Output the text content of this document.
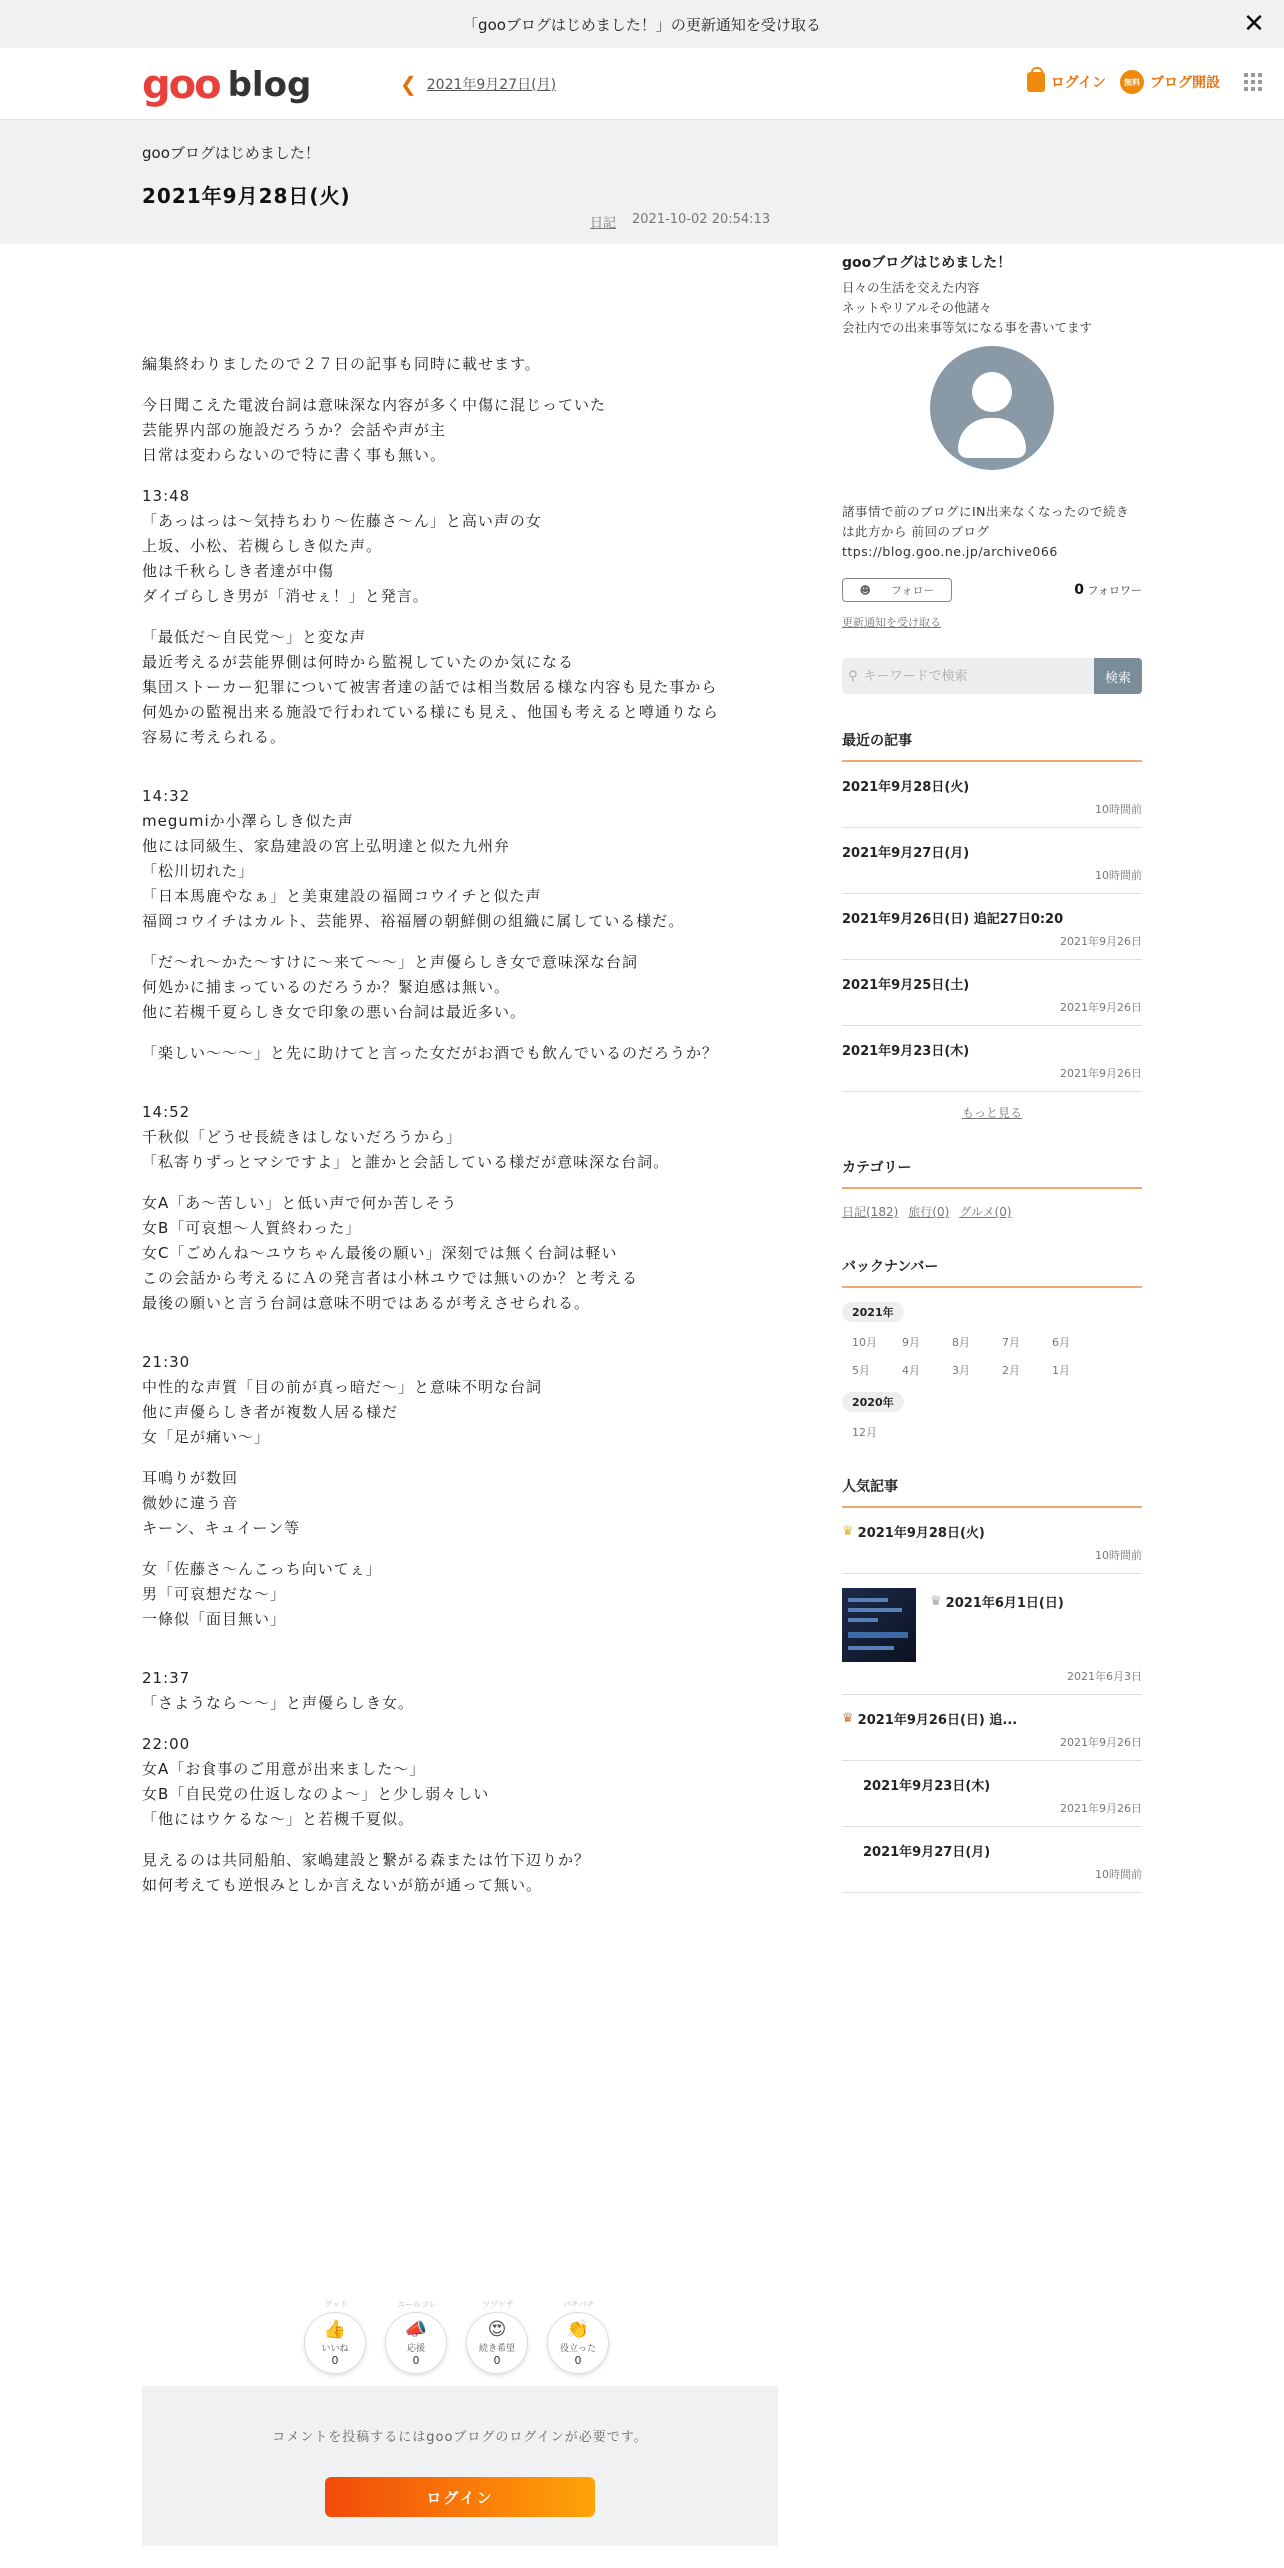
「gooブログはじめました！」の更新通知を受け取る	✕
goo blog	❮ 2021年9月27日(月)	ログイン	無料 ブログ開設
gooブログはじめました！
2021年9月28日(火)
日記 2021-10-02 20:54:13

編集終わりましたので２７日の記事も同時に載せます。

今日聞こえた電波台詞は意味深な内容が多く中傷に混じっていた
芸能界内部の施設だろうか？会話や声が主
日常は変わらないので特に書く事も無い。

13:48
「あっはっは～気持ちわり～佐藤さ～ん」と高い声の女
上坂、小松、若槻らしき似た声。
他は千秋らしき者達が中傷
ダイゴらしき男が「消せぇ！」と発言。

「最低だ～自民党～」と変な声
最近考えるが芸能界側は何時から監視していたのか気になる
集団ストーカー犯罪について被害者達の話では相当数居る様な内容も見た事から
何処かの監視出来る施設で行われている様にも見え、他国も考えると噂通りなら
容易に考えられる。

14:32
megumiか小澤らしき似た声
他には同級生、家島建設の宮上弘明達と似た九州弁
「松川切れた」
「日本馬鹿やなぁ」と美東建設の福岡コウイチと似た声
福岡コウイチはカルト、芸能界、裕福層の朝鮮側の組織に属している様だ。

「だ～れ～かた～すけに～来て～～」と声優らしき女で意味深な台詞
何処かに捕まっているのだろうか？緊迫感は無い。
他に若槻千夏らしき女で印象の悪い台詞は最近多い。

「楽しい～～～」と先に助けてと言った女だがお酒でも飲んでいるのだろうか？

14:52
千秋似「どうせ長続きはしないだろうから」
「私寄りずっとマシですよ」と誰かと会話している様だが意味深な台詞。

女A「あ～苦しい」と低い声で何か苦しそう
女B「可哀想～人質終わった」
女C「ごめんね～ユウちゃん最後の願い」深刻では無く台詞は軽い
この会話から考えるにＡの発言者は小林ユウでは無いのか？と考える
最後の願いと言う台詞は意味不明ではあるが考えさせられる。

21:30
中性的な声質「目の前が真っ暗だ～」と意味不明な台詞
他に声優らしき者が複数人居る様だ
女「足が痛い～」

耳鳴りが数回
微妙に違う音
キーン、キュイーン等

女「佐藤さ～んこっち向いてぇ」
男「可哀想だな～」
一條似「面目無い」

21:37
「さようなら～～」と声優らしき女。

22:00
女A「お食事のご用意が出来ました～」
女B「自民党の仕返しなのよ～」と少し弱々しい
「他にはウケるな～」と若槻千夏似。

見えるのは共同船舶、家嶋建設と繋がる森または竹下辺りか？
如何考えても逆恨みとしか言えないが筋が通って無い。

グッド
👍
いいね
0
エールフレ
📣
応援
0
ツヅケテ
😍
続き希望
0
パチパチ
👏
役立った
0
コメントを投稿するにはgooブログのログインが必要です。
ログイン
gooブログはじめました！
日々の生活を交えた内容
ネットやリアルその他諸々
会社内での出来事等気になる事を書いてます
諸事情で前のブログにIN出来なくなったので続きは此方から 前回のブログ ttps://blog.goo.ne.jp/archive066
☻ フォロー	0 フォロワー
更新通知を受け取る
⚲
キーワードで検索	検索
最近の記事
2021年9月28日(火)
10時間前
2021年9月27日(月)
10時間前
2021年9月26日(日) 追記27日0:20
2021年9月26日
2021年9月25日(土)
2021年9月26日
2021年9月23日(木)
2021年9月26日
もっと見る
カテゴリー
日記(182) 旅行(0) グルメ(0)
バックナンバー
2021年
10月	9月	8月	7月	6月
5月	4月	3月	2月	1月
2020年
12月
人気記事
♛ 2021年9月28日(火)
10時間前
♛ 2021年6月1日(日)
2021年6月3日
♛ 2021年9月26日(日) 追...
2021年9月26日
2021年9月23日(木)
2021年9月26日
2021年9月27日(月)
10時間前
